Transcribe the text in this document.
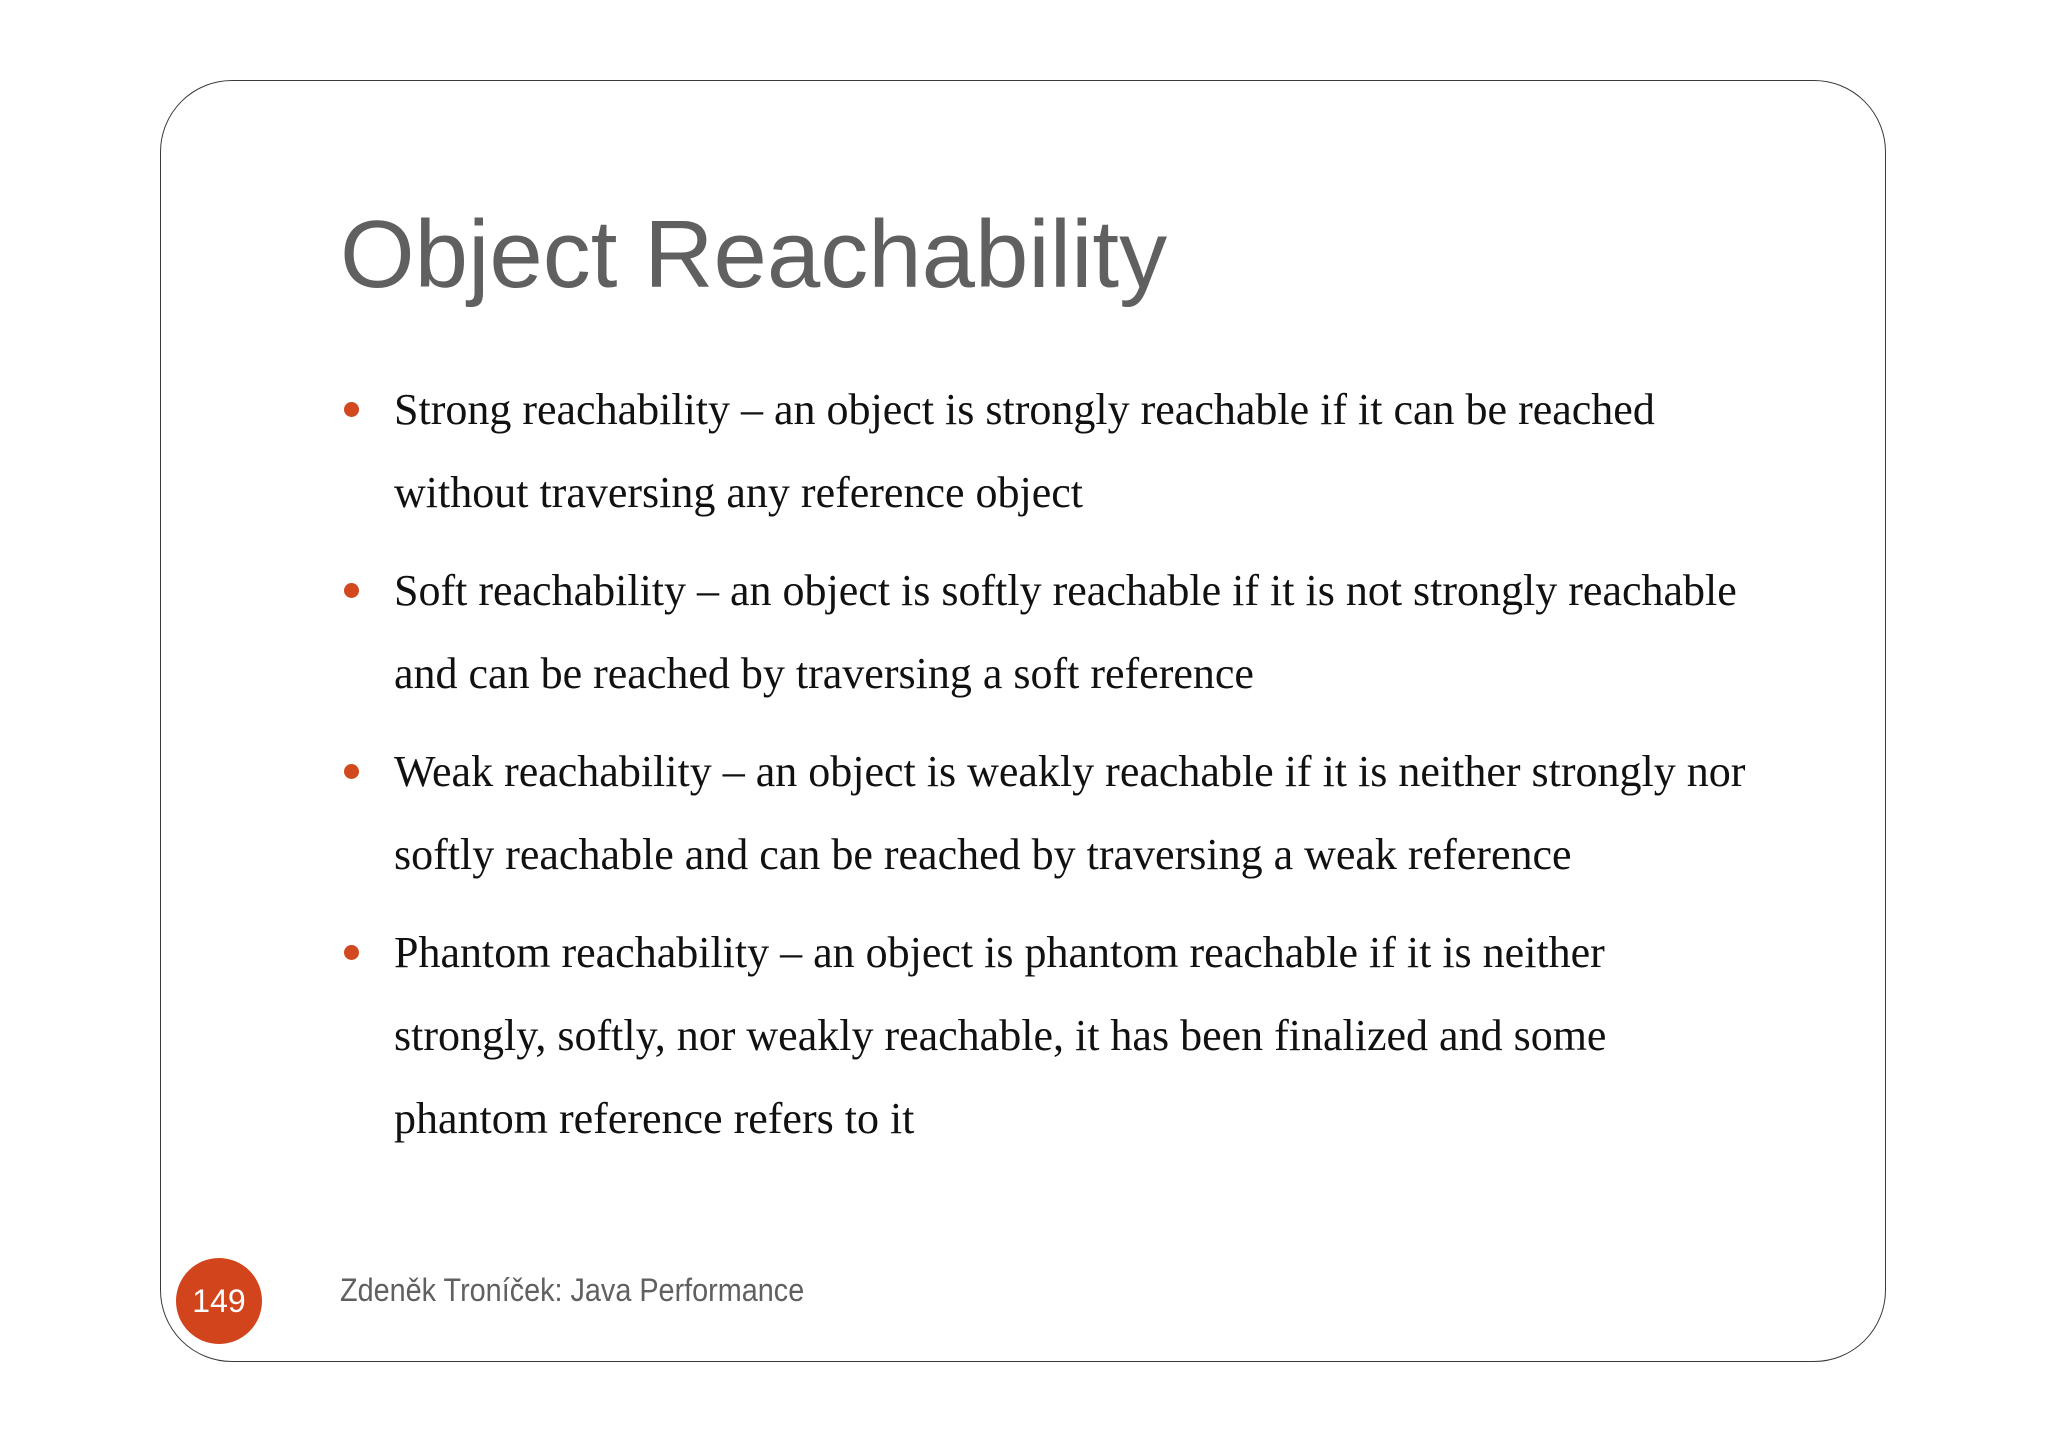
Object Reachability
Strong reachability – an object is strongly reachable if it can be reached without traversing any reference object
Soft reachability – an object is softly reachable if it is not strongly reachable and can be reached by traversing a soft reference
Weak reachability – an object is weakly reachable if it is neither strongly nor softly reachable and can be reached by traversing a weak reference
Phantom reachability – an object is phantom reachable if it is neither strongly, softly, nor weakly reachable, it has been finalized and some phantom reference refers to it
149	Zdeněk Troníček: Java Performance
